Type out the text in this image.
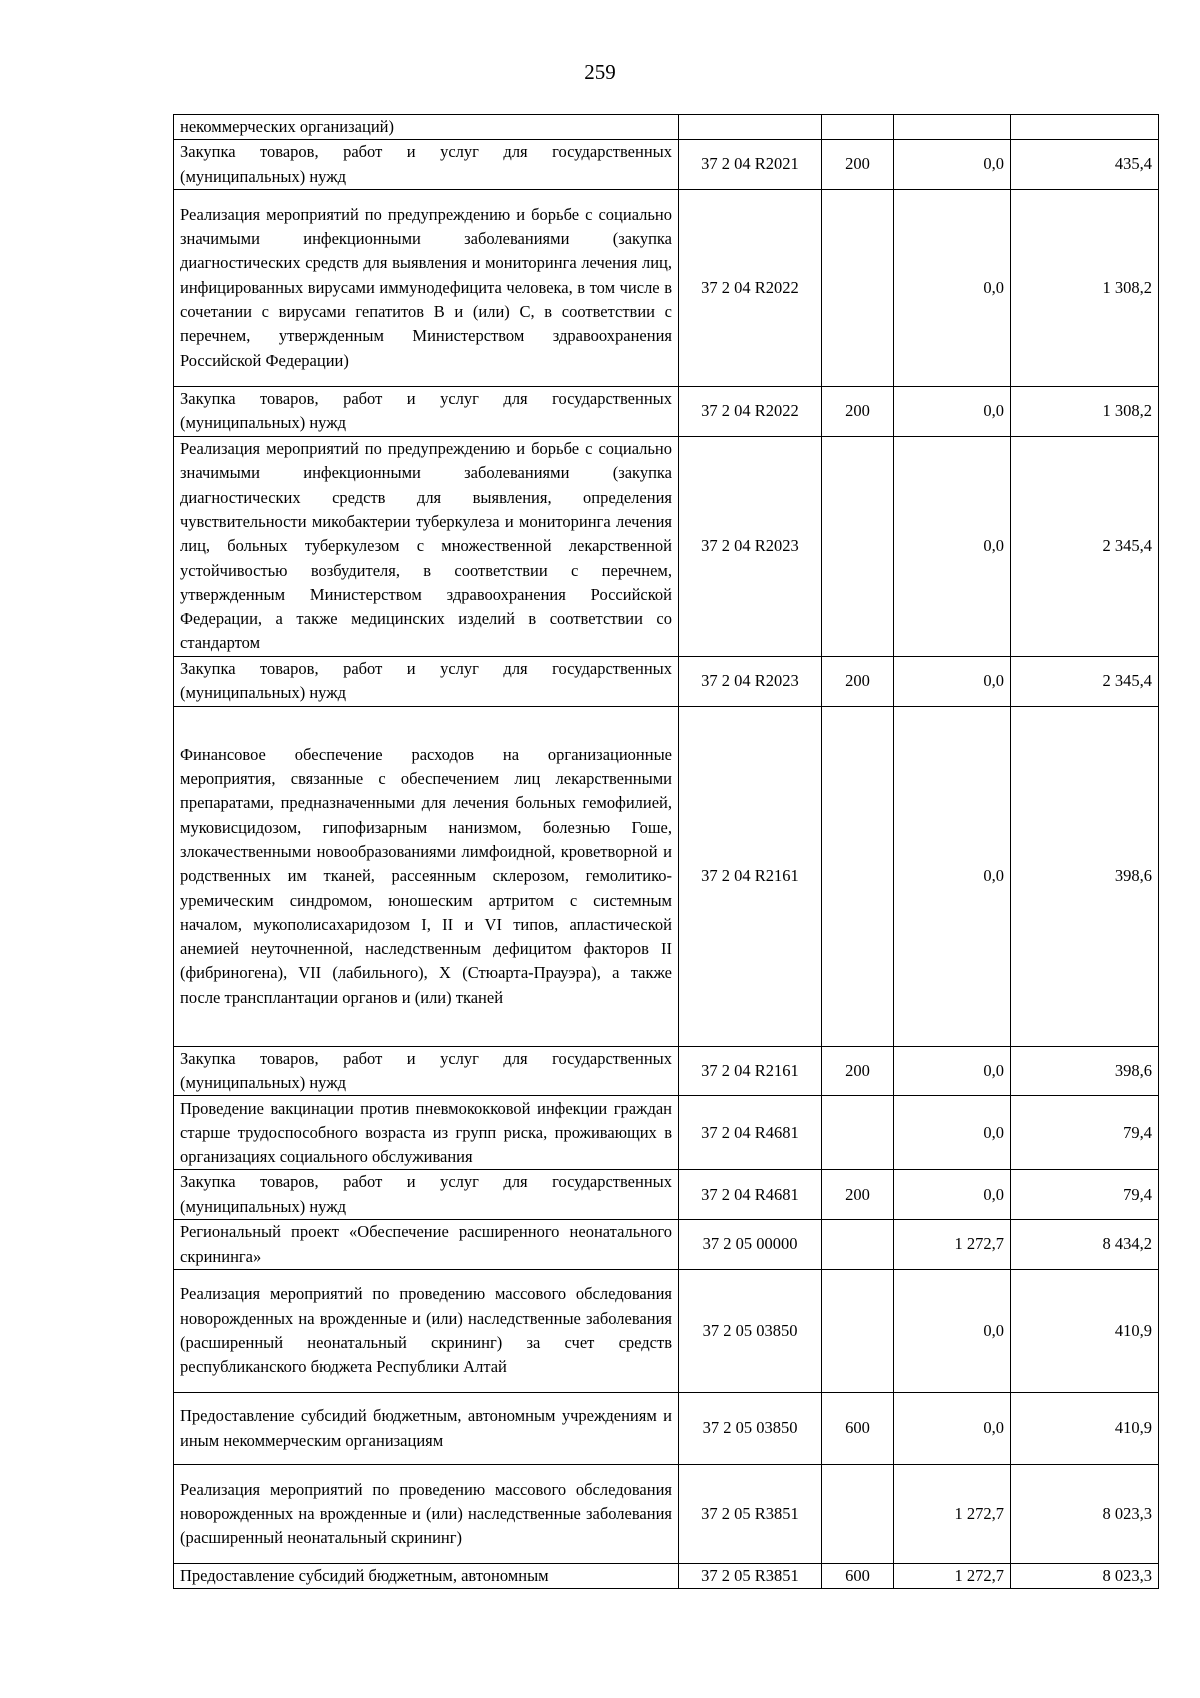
259
некоммерческих организаций)				
Закупка товаров, работ и услуг для государственных (муниципальных) нужд	37 2 04 R2021	200	0,0	435,4
Реализация мероприятий по предупреждению и борьбе с социально значимыми инфекционными заболеваниями (закупка диагностических средств для выявления и мониторинга лечения лиц, инфицированных вирусами иммунодефицита человека, в том числе в сочетании с вирусами гепатитов B и (или) C, в соответствии с перечнем, утвержденным Министерством здравоохранения Российской Федерации)	37 2 04 R2022		0,0	1 308,2
Закупка товаров, работ и услуг для государственных (муниципальных) нужд	37 2 04 R2022	200	0,0	1 308,2
Реализация мероприятий по предупреждению и борьбе с социально значимыми инфекционными заболеваниями (закупка диагностических средств для выявления, определения чувствительности микобактерии туберкулеза и мониторинга лечения лиц, больных туберкулезом с множественной лекарственной устойчивостью возбудителя, в соответствии с перечнем, утвержденным Министерством здравоохранения Российской Федерации, а также медицинских изделий в соответствии со стандартом	37 2 04 R2023		0,0	2 345,4
Закупка товаров, работ и услуг для государственных (муниципальных) нужд	37 2 04 R2023	200	0,0	2 345,4
Финансовое обеспечение расходов на организационные мероприятия, связанные с обеспечением лиц лекарственными препаратами, предназначенными для лечения больных гемофилией, муковисцидозом, гипофизарным нанизмом, болезнью Гоше, злокачественными новообразованиями лимфоидной, кроветворной и родственных им тканей, рассеянным склерозом, гемолитико-уремическим синдромом, юношеским артритом с системным началом, мукополисахаридозом I, II и VI типов, апластической анемией неуточненной, наследственным дефицитом факторов II (фибриногена), VII (лабильного), X (Стюарта-Прауэра), а также после трансплантации органов и (или) тканей	37 2 04 R2161		0,0	398,6
Закупка товаров, работ и услуг для государственных (муниципальных) нужд	37 2 04 R2161	200	0,0	398,6
Проведение вакцинации против пневмококковой инфекции граждан старше трудоспособного возраста из групп риска, проживающих в организациях социального обслуживания	37 2 04 R4681		0,0	79,4
Закупка товаров, работ и услуг для государственных (муниципальных) нужд	37 2 04 R4681	200	0,0	79,4
Региональный проект «Обеспечение расширенного неонатального скрининга»	37 2 05 00000		1 272,7	8 434,2
Реализация мероприятий по проведению массового обследования новорожденных на врожденные и (или) наследственные заболевания (расширенный неонатальный скрининг) за счет средств республиканского бюджета Республики Алтай	37 2 05 03850		0,0	410,9
Предоставление субсидий бюджетным, автономным учреждениям и иным некоммерческим организациям	37 2 05 03850	600	0,0	410,9
Реализация мероприятий по проведению массового обследования новорожденных на врожденные и (или) наследственные заболевания (расширенный неонатальный скрининг)	37 2 05 R3851		1 272,7	8 023,3
Предоставление субсидий бюджетным, автономным	37 2 05 R3851	600	1 272,7	8 023,3
